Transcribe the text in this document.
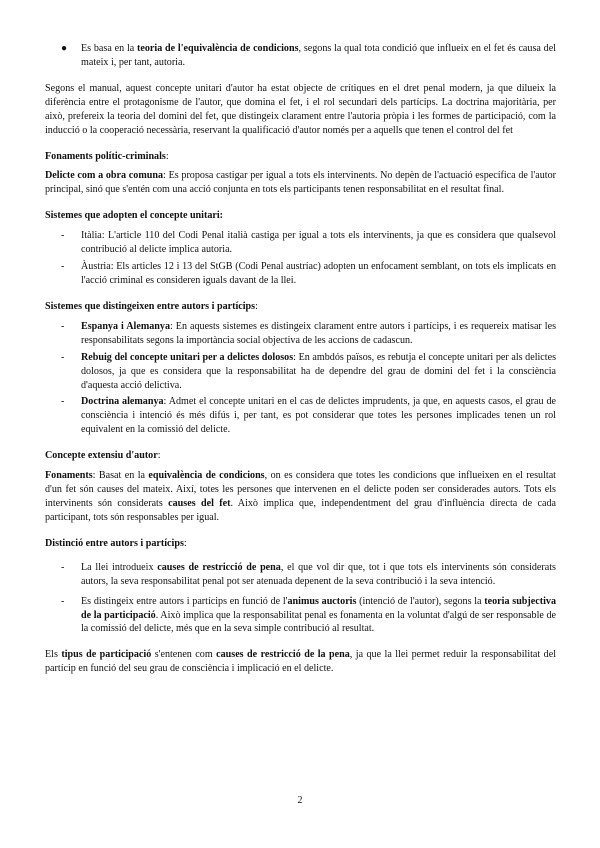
● Es basa en la teoria de l'equivalència de condicions, segons la qual tota condició que influeix en el fet és causa del mateix i, per tant, autoria.

Segons el manual, aquest concepte unitari d'autor ha estat objecte de crítiques en el dret penal modern, ja que dilueix la diferència entre el protagonisme de l'autor, que domina el fet, i el rol secundari dels partícips. La doctrina majoritària, per això, prefereix la teoria del domini del fet, que distingeix clarament entre l'autoria pròpia i les formes de participació, com la inducció o la cooperació necessària, reservant la qualificació d'autor només per a aquells que tenen el control del fet

Fonaments polític-criminals:

Delicte com a obra comuna: Es proposa castigar per igual a tots els intervinents. No depèn de l'actuació específica de l'autor principal, sinó que s'entén com una acció conjunta en tots els participants tenen responsabilitat en el resultat final.

Sistemes que adopten el concepte unitari:

- Itàlia: L'article 110 del Codi Penal italià castiga per igual a tots els intervinents, ja que es considera que qualsevol contribució al delicte implica autoria.
- Àustria: Els articles 12 i 13 del StGB (Codi Penal austríac) adopten un enfocament semblant, on tots els implicats en l'acció criminal es consideren iguals davant de la llei.

Sistemes que distingeixen entre autors i partícips:

- Espanya i Alemanya: En aquests sistemes es distingeix clarament entre autors i partícips, i es requereix matisar les responsabilitats segons la importància social objectiva de les accions de cadascun.
- Rebuig del concepte unitari per a delictes dolosos: En ambdós països, es rebutja el concepte unitari per als delictes dolosos, ja que es considera que la responsabilitat ha de dependre del grau de domini del fet i la consciència d'aquesta acció delictiva.
- Doctrina alemanya: Admet el concepte unitari en el cas de delictes imprudents, ja que, en aquests casos, el grau de consciència i intenció és més difús i, per tant, es pot considerar que totes les persones implicades tenen un rol equivalent en la comissió del delicte.

Concepte extensiu d'autor:

Fonaments: Basat en la equivalència de condicions, on es considera que totes les condicions que influeixen en el resultat d'un fet són causes del mateix. Així, totes les persones que intervenen en el delicte poden ser considerades autors. Tots els intervinents són considerats causes del fet. Això implica que, independentment del grau d'influència directa de cada participant, tots són responsables per igual.

Distinció entre autors i partícips:

- La llei introdueix causes de restricció de pena, el que vol dir que, tot i que tots els intervinents són considerats autors, la seva responsabilitat penal pot ser atenuada depenent de la seva contribució i la seva intenció.
- Es distingeix entre autors i partícips en funció de l'animus auctoris (intenció de l'autor), segons la teoria subjectiva de la participació. Això implica que la responsabilitat penal es fonamenta en la voluntat d'algú de ser responsable de la comissió del delicte, més que en la seva simple contribució al resultat.

Els tipus de participació s'entenen com causes de restricció de la pena, ja que la llei permet reduir la responsabilitat del partícip en funció del seu grau de consciència i implicació en el delicte.

2
